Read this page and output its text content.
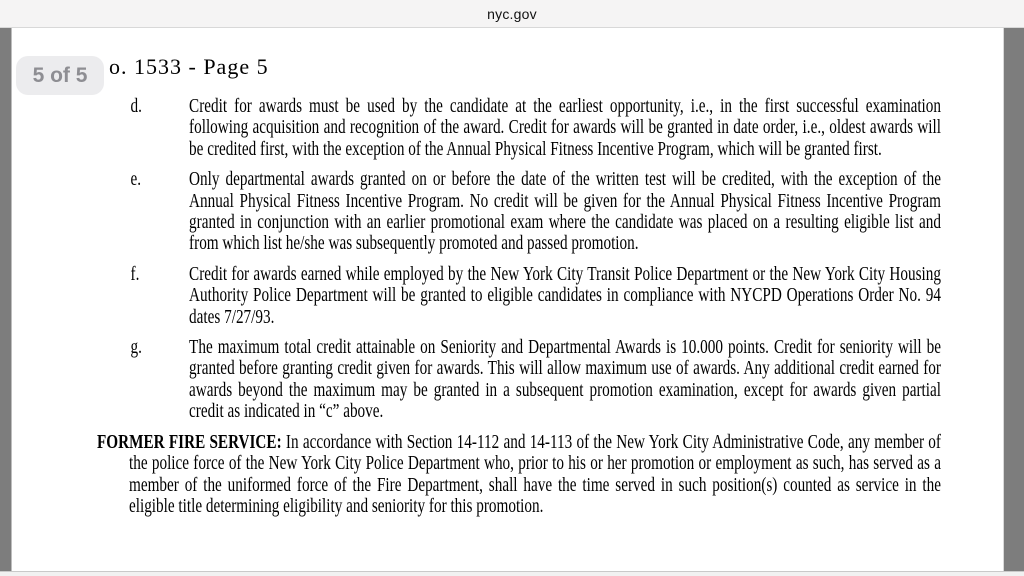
nyc.gov
o. 1533 - Page 5
d. Credit for awards must be used by the candidate at the earliest opportunity, i.e., in the first successful examination following acquisition and recognition of the award. Credit for awards will be granted in date order, i.e., oldest awards will be credited first, with the exception of the Annual Physical Fitness Incentive Program, which will be granted first.
e. Only departmental awards granted on or before the date of the written test will be credited, with the exception of the Annual Physical Fitness Incentive Program. No credit will be given for the Annual Physical Fitness Incentive Program granted in conjunction with an earlier promotional exam where the candidate was placed on a resulting eligible list and from which list he/she was subsequently promoted and passed promotion.
f.	Credit for awards earned while employed by the New York City Transit Police Department or the New York City Housing Authority Police Department will be granted to eligible candidates in compliance with NYCPD Operations Order No. 94 dates 7/27/93.
g. The maximum total credit attainable on Seniority and Departmental Awards is 10.000 points. Credit for seniority will be granted before granting credit given for awards. This will allow maximum use of awards. Any additional credit earned for awards beyond the maximum may be granted in a subsequent promotion examination, except for awards given partial credit as indicated in “c” above.
FORMER FIRE SERVICE: In accordance with Section 14-112 and 14-113 of the New York City Administrative Code, any member of the police force of the New York City Police Department who, prior to his or her promotion or employment as such, has served as a member of the uniformed force of the Fire Department, shall have the time served in such position(s) counted as service in the eligible title determining eligibility and seniority for this promotion.
5 of 5
